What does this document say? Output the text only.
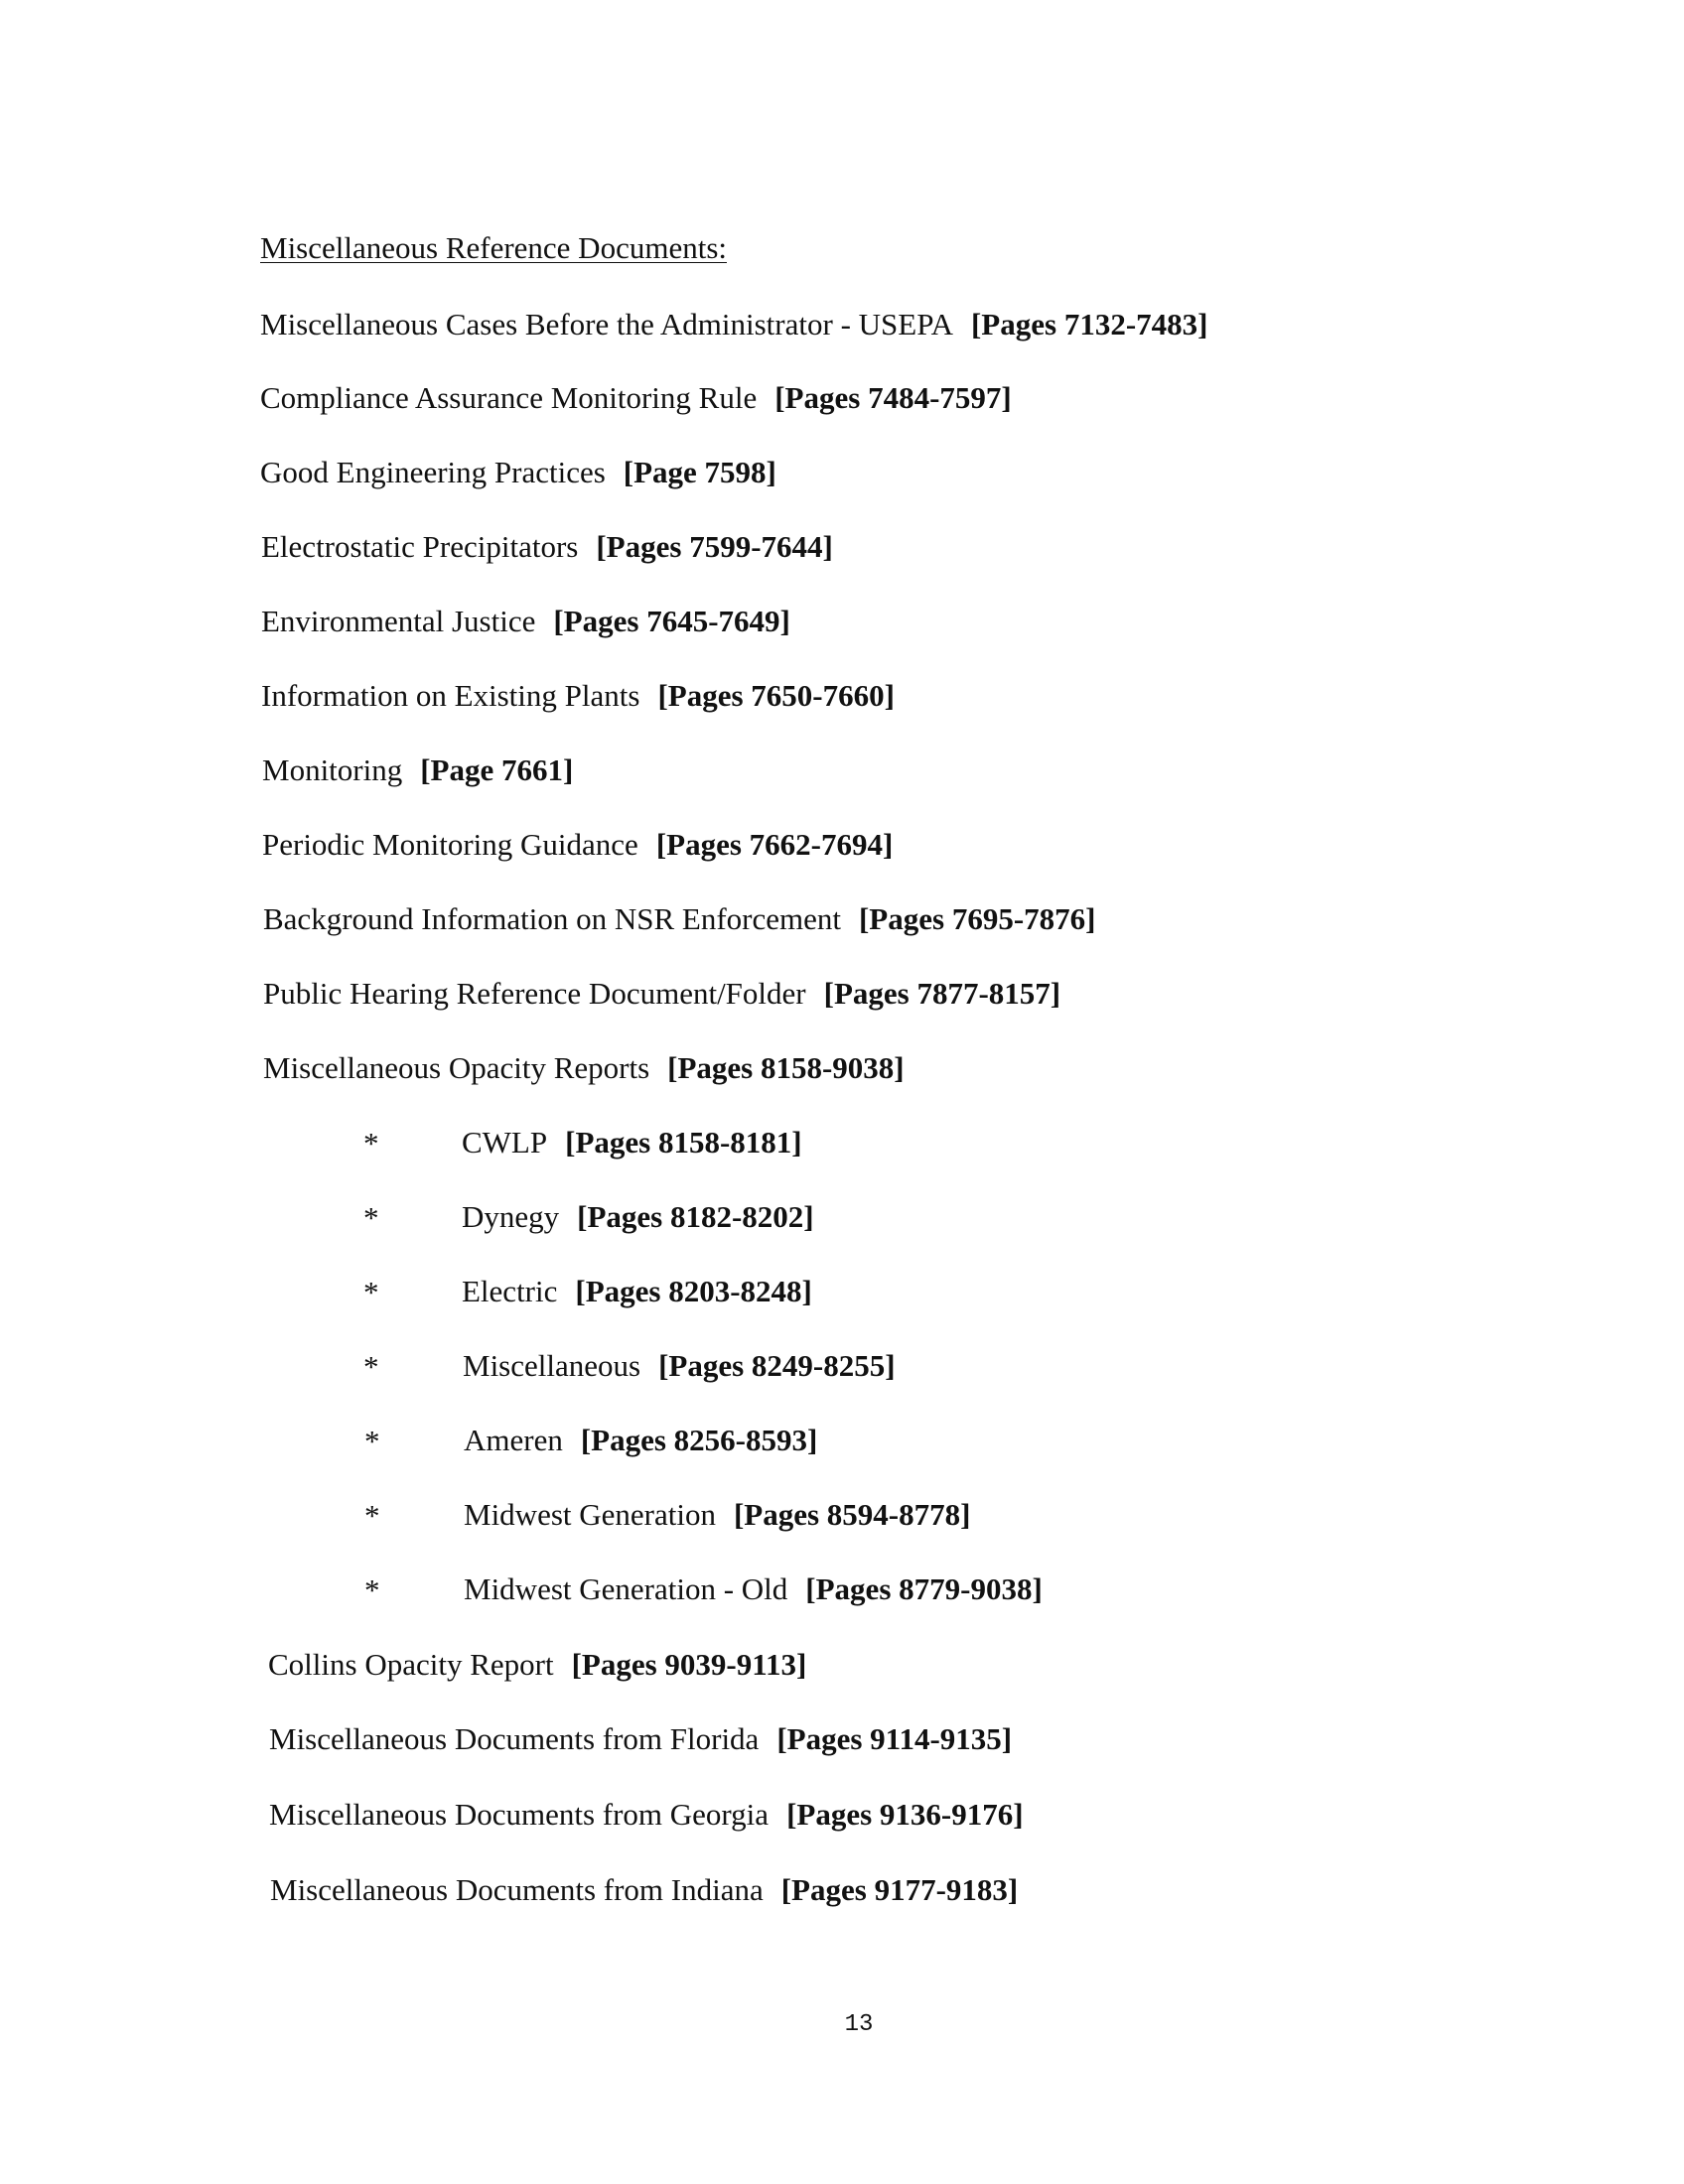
Miscellaneous Reference Documents:
Miscellaneous Cases Before the Administrator - USEPA [Pages 7132-7483]
Compliance Assurance Monitoring Rule [Pages 7484-7597]
Good Engineering Practices [Page 7598]
Electrostatic Precipitators [Pages 7599-7644]
Environmental Justice [Pages 7645-7649]
Information on Existing Plants [Pages 7650-7660]
Monitoring [Page 7661]
Periodic Monitoring Guidance [Pages 7662-7694]
Background Information on NSR Enforcement [Pages 7695-7876]
Public Hearing Reference Document/Folder [Pages 7877-8157]
Miscellaneous Opacity Reports [Pages 8158-9038]
*	CWLP [Pages 8158-8181]
*	Dynegy [Pages 8182-8202]
*	Electric [Pages 8203-8248]
*	Miscellaneous [Pages 8249-8255]
*	Ameren [Pages 8256-8593]
*	Midwest Generation [Pages 8594-8778]
*	Midwest Generation - Old [Pages 8779-9038]
Collins Opacity Report [Pages 9039-9113]
Miscellaneous Documents from Florida [Pages 9114-9135]
Miscellaneous Documents from Georgia [Pages 9136-9176]
Miscellaneous Documents from Indiana [Pages 9177-9183]
13
